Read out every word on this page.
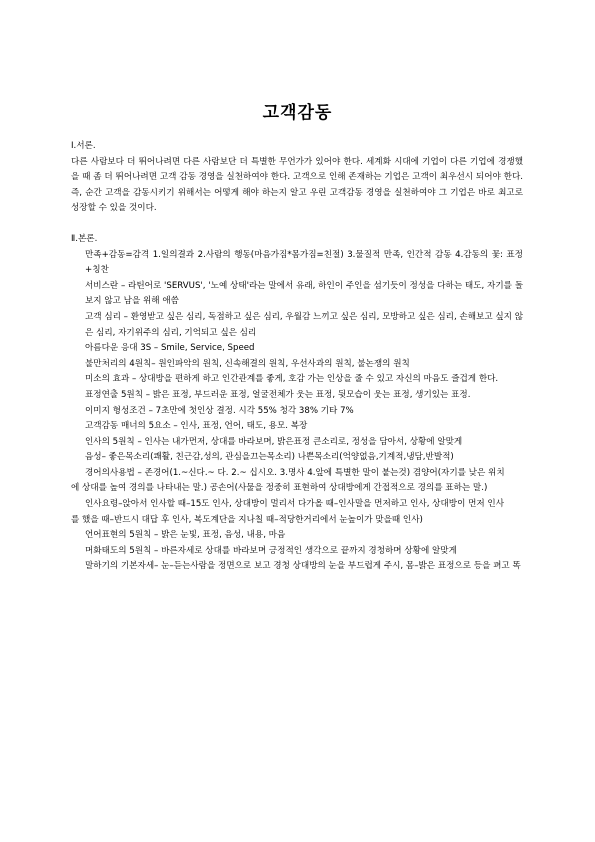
고객감동

Ⅰ.서론.

다른 사람보다 더 뛰어나려면 다른 사람보단 더 특별한 무언가가 있어야 한다. 세계화 시대에 기업이 다른 기업에 경쟁했을 때 좀 더 뛰어나려면 고객 감동 경영을 실천하여야 한다. 고객으로 인해 존재하는 기업은 고객이 최우선시 되어야 한다. 즉, 순간 고객을 감동시키기 위해서는 어떻게 해야 하는지 알고 우린 고객감동 경영을 실천하여야 그 기업은 바로 최고로 성장할 수 있을 것이다.

Ⅱ.본론.

만족+감동=감격 1.일의결과 2.사람의 행동(마음가짐*몸가짐=친절) 3.물질적 만족, 인간적 감동 4.감동의 꽃: 표정+칭찬

서비스란 – 라틴어로 'SERVUS', '노예 상태'라는 말에서 유래, 하인이 주인을 섬기듯이 정성을 다하는 태도, 자기를 돌보지 않고 남을 위해 애씀

고객 심리 – 환영받고 싶은 심리, 독점하고 싶은 심리, 우월감 느끼고 싶은 심리, 모방하고 싶은 심리, 손해보고 싶지 않은 심리, 자기위주의 심리, 기억되고 싶은 심리

아름다운 응대 3S – Smile, Service, Speed

불만처리의 4원칙– 원인파악의 원칙, 신속해결의 원칙, 우선사과의 원칙, 불논쟁의 원칙

미소의 효과 – 상대방을 편하게 하고 인간관계를 좋게, 호감 가는 인상을 줄 수 있고 자신의 마음도 즐겁게 한다.

표정연출 5원칙 – 밝은 표정, 부드러운 표정, 얼굴전체가 웃는 표정, 뒷모습이 웃는 표정, 생기있는 표정.

이미지 형성조건 – 7초만에 첫인상 결정. 시각 55% 청각 38% 기타 7%

고객감동 매너의 5요소 – 인사, 표정, 언어, 태도, 용모. 복장

인사의 5원칙 – 인사는 내가먼저, 상대를 바라보며, 밝은표정 큰소리로, 정성을 담아서, 상황에 알맞게

음성– 좋은목소리(쾌활, 친근감,성의, 관심을끄는목소리) 나쁜목소리(억양없음,기계적,냉담,반발적)

경어의사용법 – 존경어(1.~신다.~ 다. 2.~ 십시오. 3.명사 4.앞에 특별한 말이 붙는것) 겸양어(자기를 낮은 위치

에 상대를 높여 경의를 나타내는 말.) 공손어(사물을 정중히 표현하여 상대방에게 간접적으로 경의를 표하는 말.)

인사요령–앉아서 인사할 때–15도 인사, 상대방이 멀리서 다가올 때–인사말을 먼저하고 인사, 상대방이 먼저 인사

를 했을 때–반드시 대답 후 인사, 복도계단을 지나칠 때–적당한거리에서 눈높이가 맞을때 인사)

언어표현의 5원칙 – 밝은 눈빛, 표정, 음성, 내용, 마음

머화태도의 5원칙 – 바른자세로 상대를 바라보며 긍정적인 생각으로 끝까지 경청하며 상황에 알맞게

말하기의 기본자세– 눈–듣는사람을 정면으로 보고 경청 상대방의 눈을 부드럽게 주시, 몸–밝은 표정으로 등을 펴고 똑
